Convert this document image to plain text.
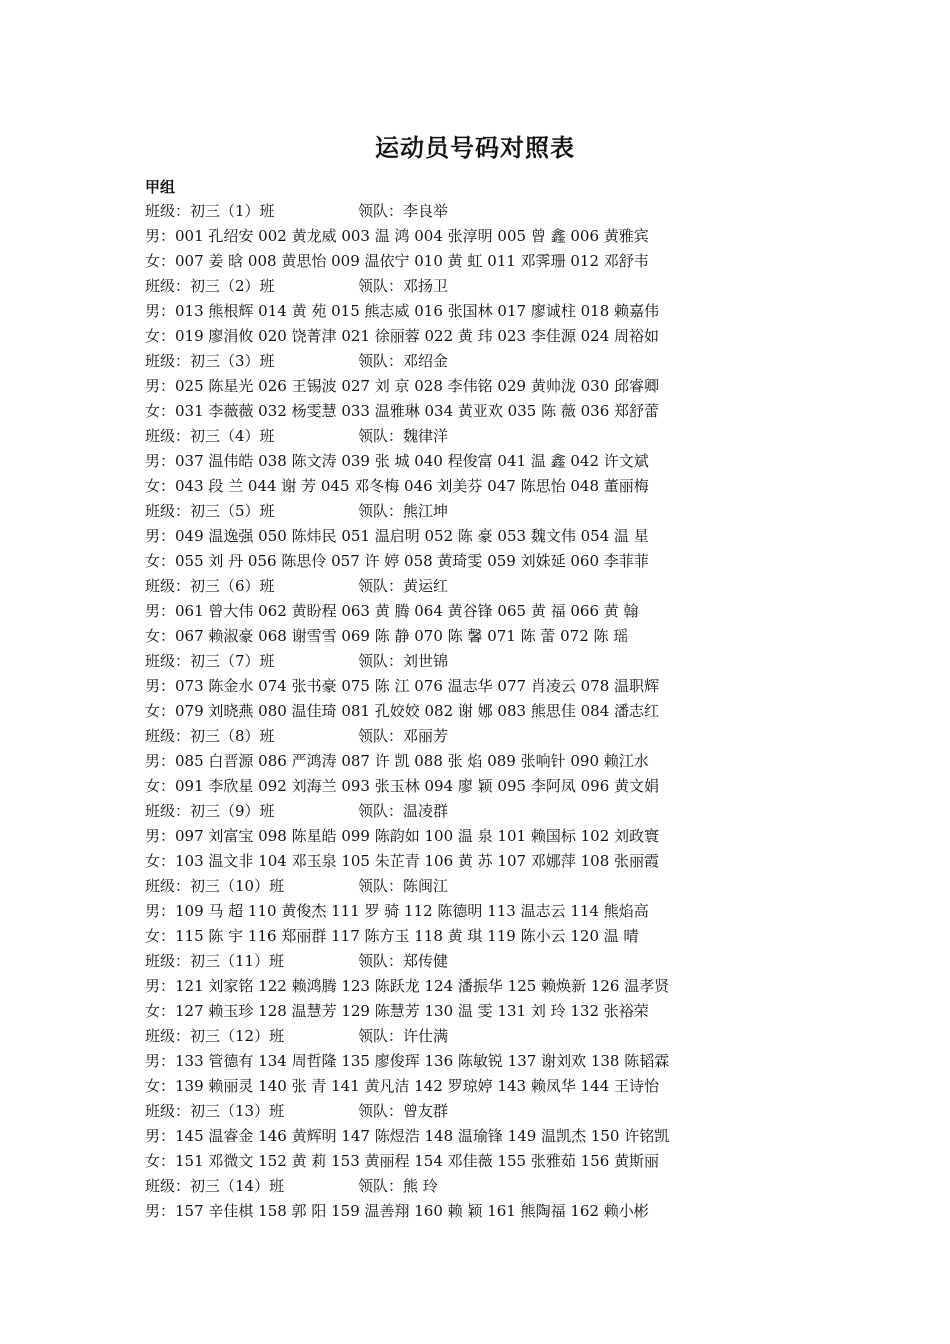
运动员号码对照表
甲组
班级：初三（1）班	领队：李良举
男：001 孔绍安 002 黄龙威 003 温 鸿 004 张淳明 005 曾 鑫 006 黄雅宾
女：007 姜 晗 008 黄思怡 009 温依宁 010 黄 虹 011 邓霁珊 012 邓舒韦
班级：初三（2）班	领队：邓扬卫
男：013 熊根辉 014 黄 苑 015 熊志威 016 张国林 017 廖诚柱 018 赖嘉伟
女：019 廖涓攸 020 饶菁津 021 徐丽蓉 022 黄 玮 023 李佳源 024 周裕如
班级：初三（3）班	领队：邓绍金
男：025 陈星光 026 王锡波 027 刘 京 028 李伟铭 029 黄帅泷 030 邱睿卿
女：031 李薇薇 032 杨雯慧 033 温雅琳 034 黄亚欢 035 陈 薇 036 郑舒蕾
班级：初三（4）班	领队：魏律洋
男：037 温伟皓 038 陈文涛 039 张 城 040 程俊富 041 温 鑫 042 许文斌
女：043 段 兰 044 谢 芳 045 邓冬梅 046 刘美芬 047 陈思怡 048 董丽梅
班级：初三（5）班	领队：熊江坤
男：049 温逸强 050 陈炜民 051 温启明 052 陈 豪 053 魏文伟 054 温 星
女：055 刘 丹 056 陈思伶 057 许 婷 058 黄琦雯 059 刘姝延 060 李菲菲
班级：初三（6）班	领队：黄运红
男：061 曾大伟 062 黄盼程 063 黄 腾 064 黄谷锋 065 黄 福 066 黄 翰
女：067 赖淑豪 068 谢雪雪 069 陈 静 070 陈 馨 071 陈 蕾 072 陈 瑶
班级：初三（7）班	领队：刘世锦
男：073 陈金水 074 张书豪 075 陈 江 076 温志华 077 肖凌云 078 温职辉
女：079 刘晓燕 080 温佳琦 081 孔姣姣 082 谢 娜 083 熊思佳 084 潘志红
班级：初三（8）班	领队：邓丽芳
男：085 白晋源 086 严鸿涛 087 许 凯 088 张 焰 089 张响针 090 赖江水
女：091 李欣星 092 刘海兰 093 张玉林 094 廖 颖 095 李阿凤 096 黄文娟
班级：初三（9）班	领队：温凌群
男：097 刘富宝 098 陈星皓 099 陈韵如 100 温 泉 101 赖国标 102 刘政寰
女：103 温文非 104 邓玉泉 105 朱芷青 106 黄 苏 107 邓娜萍 108 张丽霞
班级：初三（10）班	领队：陈闽江
男：109 马 超 110 黄俊杰 111 罗 骑 112 陈德明 113 温志云 114 熊焰高
女：115 陈 宇 116 郑丽群 117 陈方玉 118 黄 琪 119 陈小云 120 温 晴
班级：初三（11）班	领队：郑传健
男：121 刘家铭 122 赖鸿腾 123 陈跃龙 124 潘振华 125 赖焕新 126 温孝贤
女：127 赖玉珍 128 温慧芳 129 陈慧芳 130 温 雯 131 刘 玲 132 张裕荣
班级：初三（12）班	领队：许仕满
男：133 管德有 134 周哲隆 135 廖俊珲 136 陈敏锐 137 谢刘欢 138 陈韬霖
女：139 赖丽灵 140 张 青 141 黄凡洁 142 罗琼婷 143 赖凤华 144 王诗怡
班级：初三（13）班	领队：曾友群
男：145 温睿金 146 黄辉明 147 陈煜浩 148 温瑜锋 149 温凯杰 150 许铭凯
女：151 邓微文 152 黄 莉 153 黄丽程 154 邓佳薇 155 张雅茹 156 黄斯丽
班级：初三（14）班	领队：熊 玲
男：157 辛佳棋 158 郭 阳 159 温善翔 160 赖 颖 161 熊陶福 162 赖小彬
